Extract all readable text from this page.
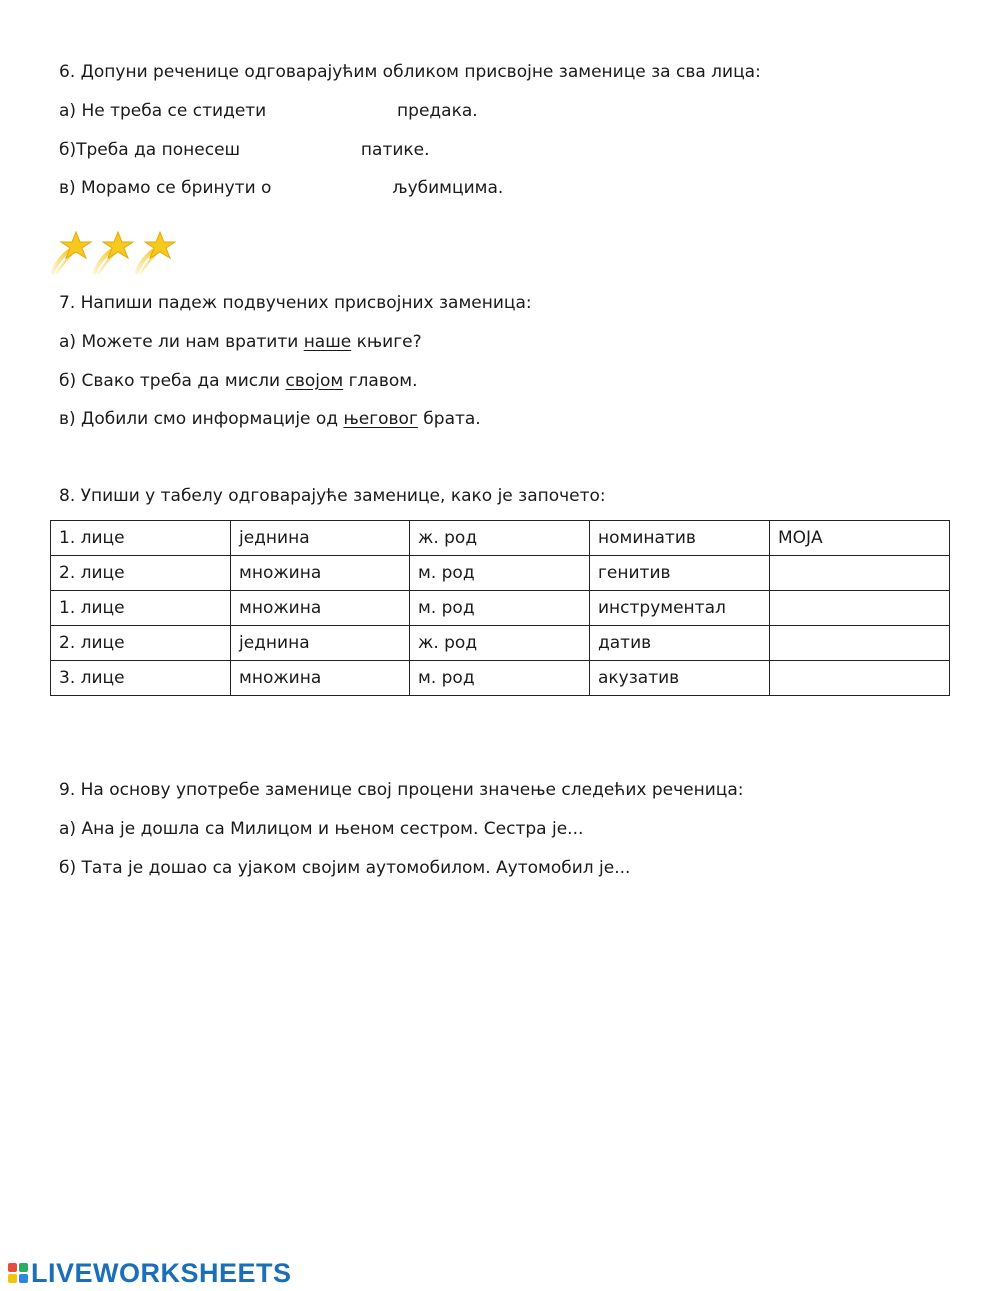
6. Допуни реченице одговарајућим обликом присвојне заменице за сва лица:
а) Не треба се стидети	предака.
б)Треба да понесеш	патике.
в) Морамо се бринути о	љубимцима.
7. Напиши падеж подвучених присвојних заменица:
а) Можете ли нам вратити наше књиге?
б) Свако треба да мисли својом главом.
в) Добили смо информације од његовог брата.
8. Упиши у табелу одговарајуће заменице, како је започето:
1. лице	једнина	ж. род	номинатив	МОЈА
2. лице	множина	м. род	генитив	
1. лице	множина	м. род	инструментал	
2. лице	једнина	ж. род	датив	
3. лице	множина	м. род	акузатив	
9. На основу употребе заменице свој процени значење следећих реченица:
а) Ана је дошла са Милицом и њеном сестром. Сестра је...
б) Тата је дошао са ујаком својим аутомобилом. Аутомобил је...
LIVEWORKSHEETS
